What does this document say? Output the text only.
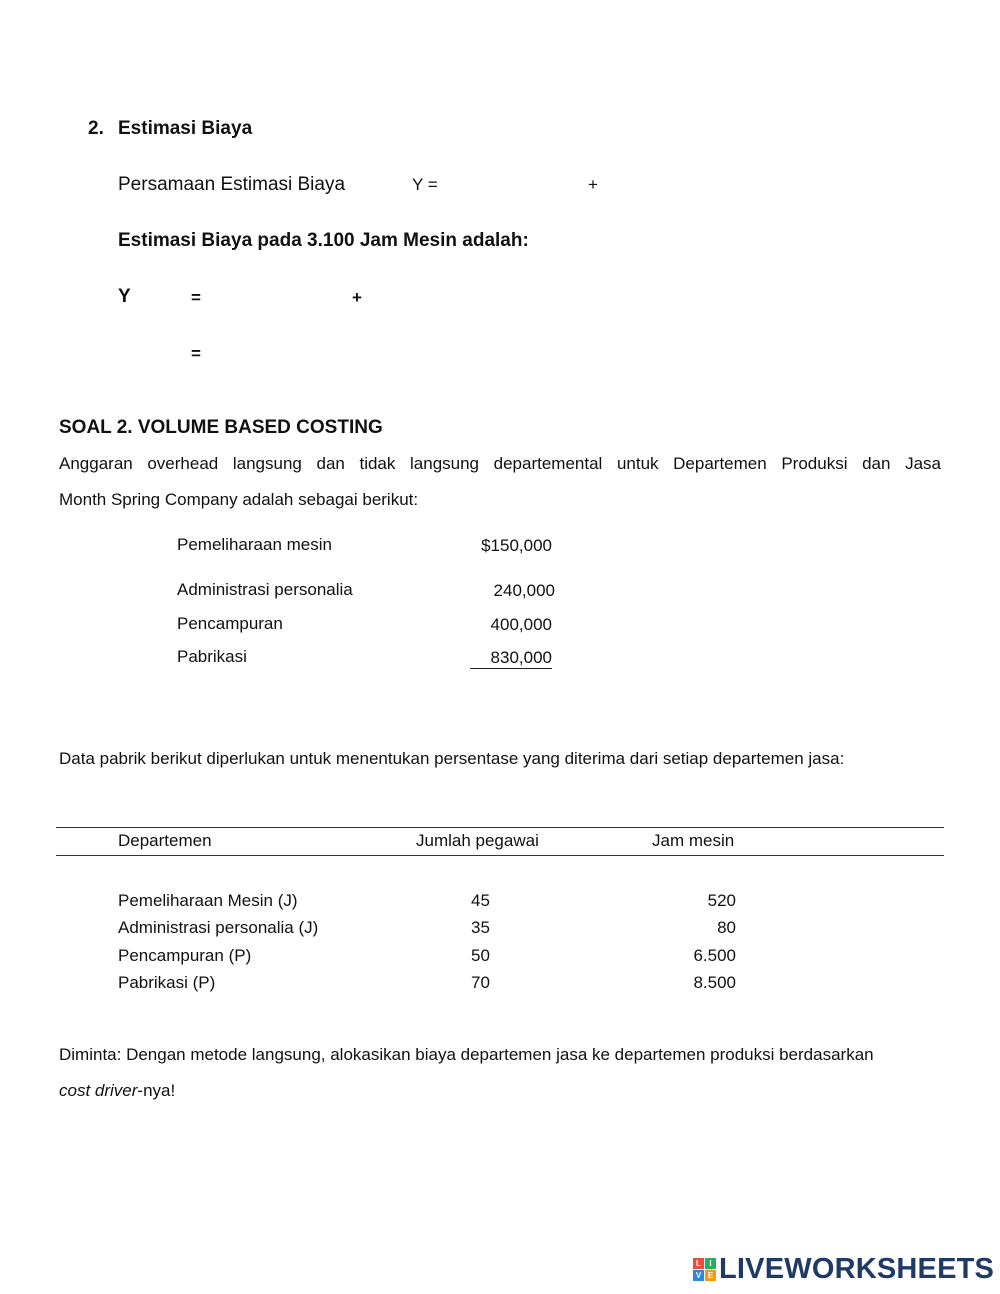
2. Estimasi Biaya
Persamaan Estimasi Biaya	Y =	+
Estimasi Biaya pada 3.100 Jam Mesin adalah:
Y	=	+
=
SOAL 2. VOLUME BASED COSTING
Anggaran overhead langsung dan tidak langsung departemental untuk Departemen Produksi dan Jasa
Month Spring Company adalah sebagai berikut:
Pemeliharaan mesin	$150,000
Administrasi personalia	240,000
Pencampuran	400,000
Pabrikasi	830,000
Data pabrik berikut diperlukan untuk menentukan persentase yang diterima dari setiap departemen jasa:
Departemen	Jumlah pegawai	Jam mesin
Pemeliharaan Mesin (J)	45	520
Administrasi personalia (J)	35	80
Pencampuran (P)	50	6.500
Pabrikasi (P)	70	8.500
Diminta: Dengan metode langsung, alokasikan biaya departemen jasa ke departemen produksi berdasarkan
cost driver-nya!
L	I
V E LIVEWORKSHEETS
